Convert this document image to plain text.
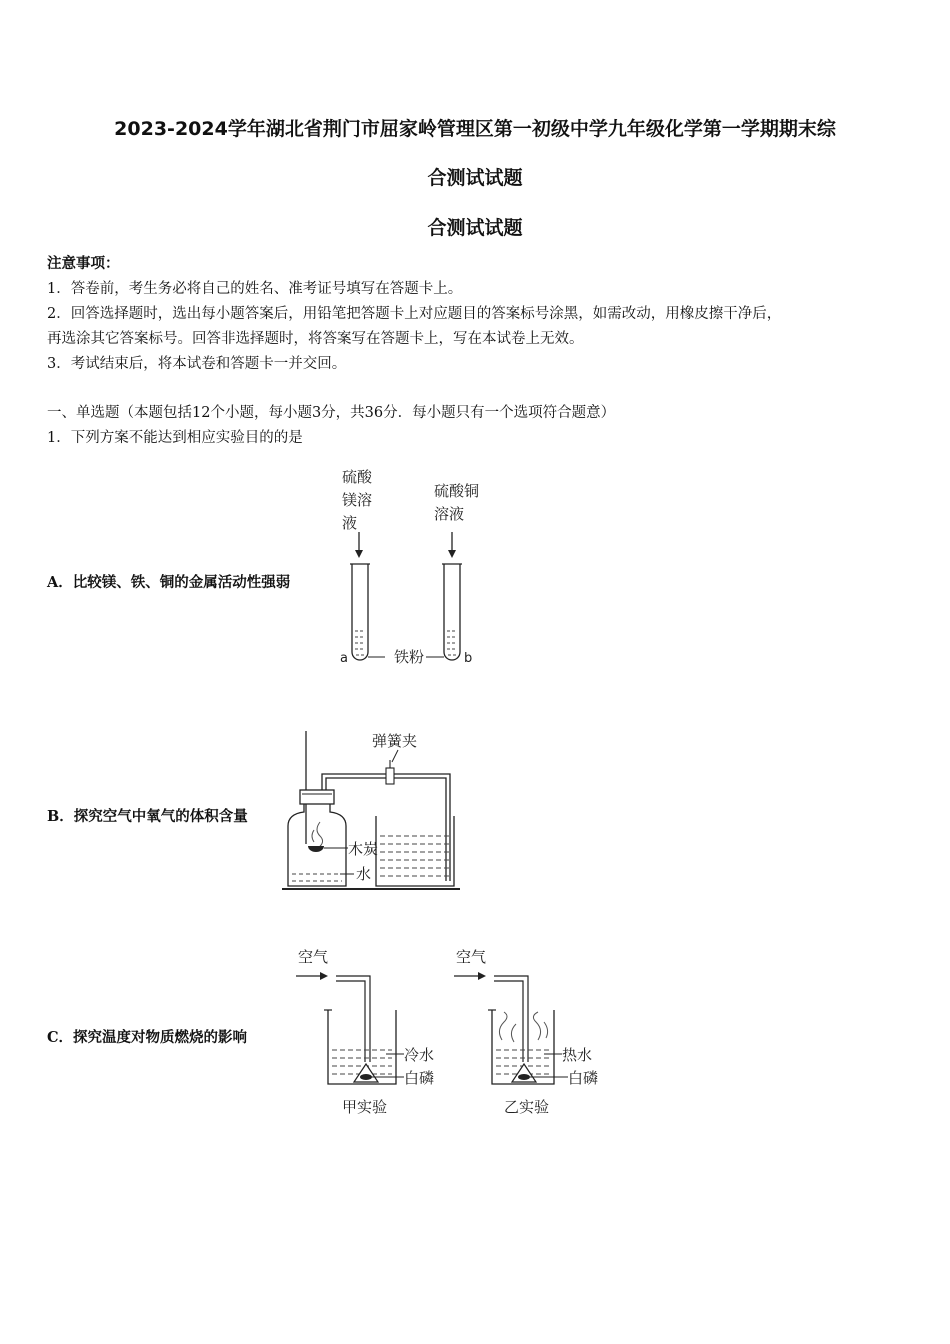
2023-2024学年湖北省荆门市屈家岭管理区第一初级中学九年级化学第一学期期末综
合测试试题
合测试试题
注意事项：
1．答卷前，考生务必将自己的姓名、准考证号填写在答题卡上。
2．回答选择题时，选出每小题答案后，用铅笔把答题卡上对应题目的答案标号涂黑，如需改动，用橡皮擦干净后，
再选涂其它答案标号。回答非选择题时，将答案写在答题卡上，写在本试卷上无效。
3．考试结束后，将本试卷和答题卡一并交回。
一、单选题（本题包括12个小题，每小题3分，共36分．每小题只有一个选项符合题意）
1．下列方案不能达到相应实验目的的是
A．比较镁、铁、铜的金属活动性强弱
B．探究空气中氧气的体积含量
C．探究温度对物质燃烧的影响
硫酸
镁溶
液
硫酸铜
溶液
a	b
铁粉
弹簧夹
木炭
水
空气
冷水
白磷
甲实验
空气
热水
白磷
乙实验
